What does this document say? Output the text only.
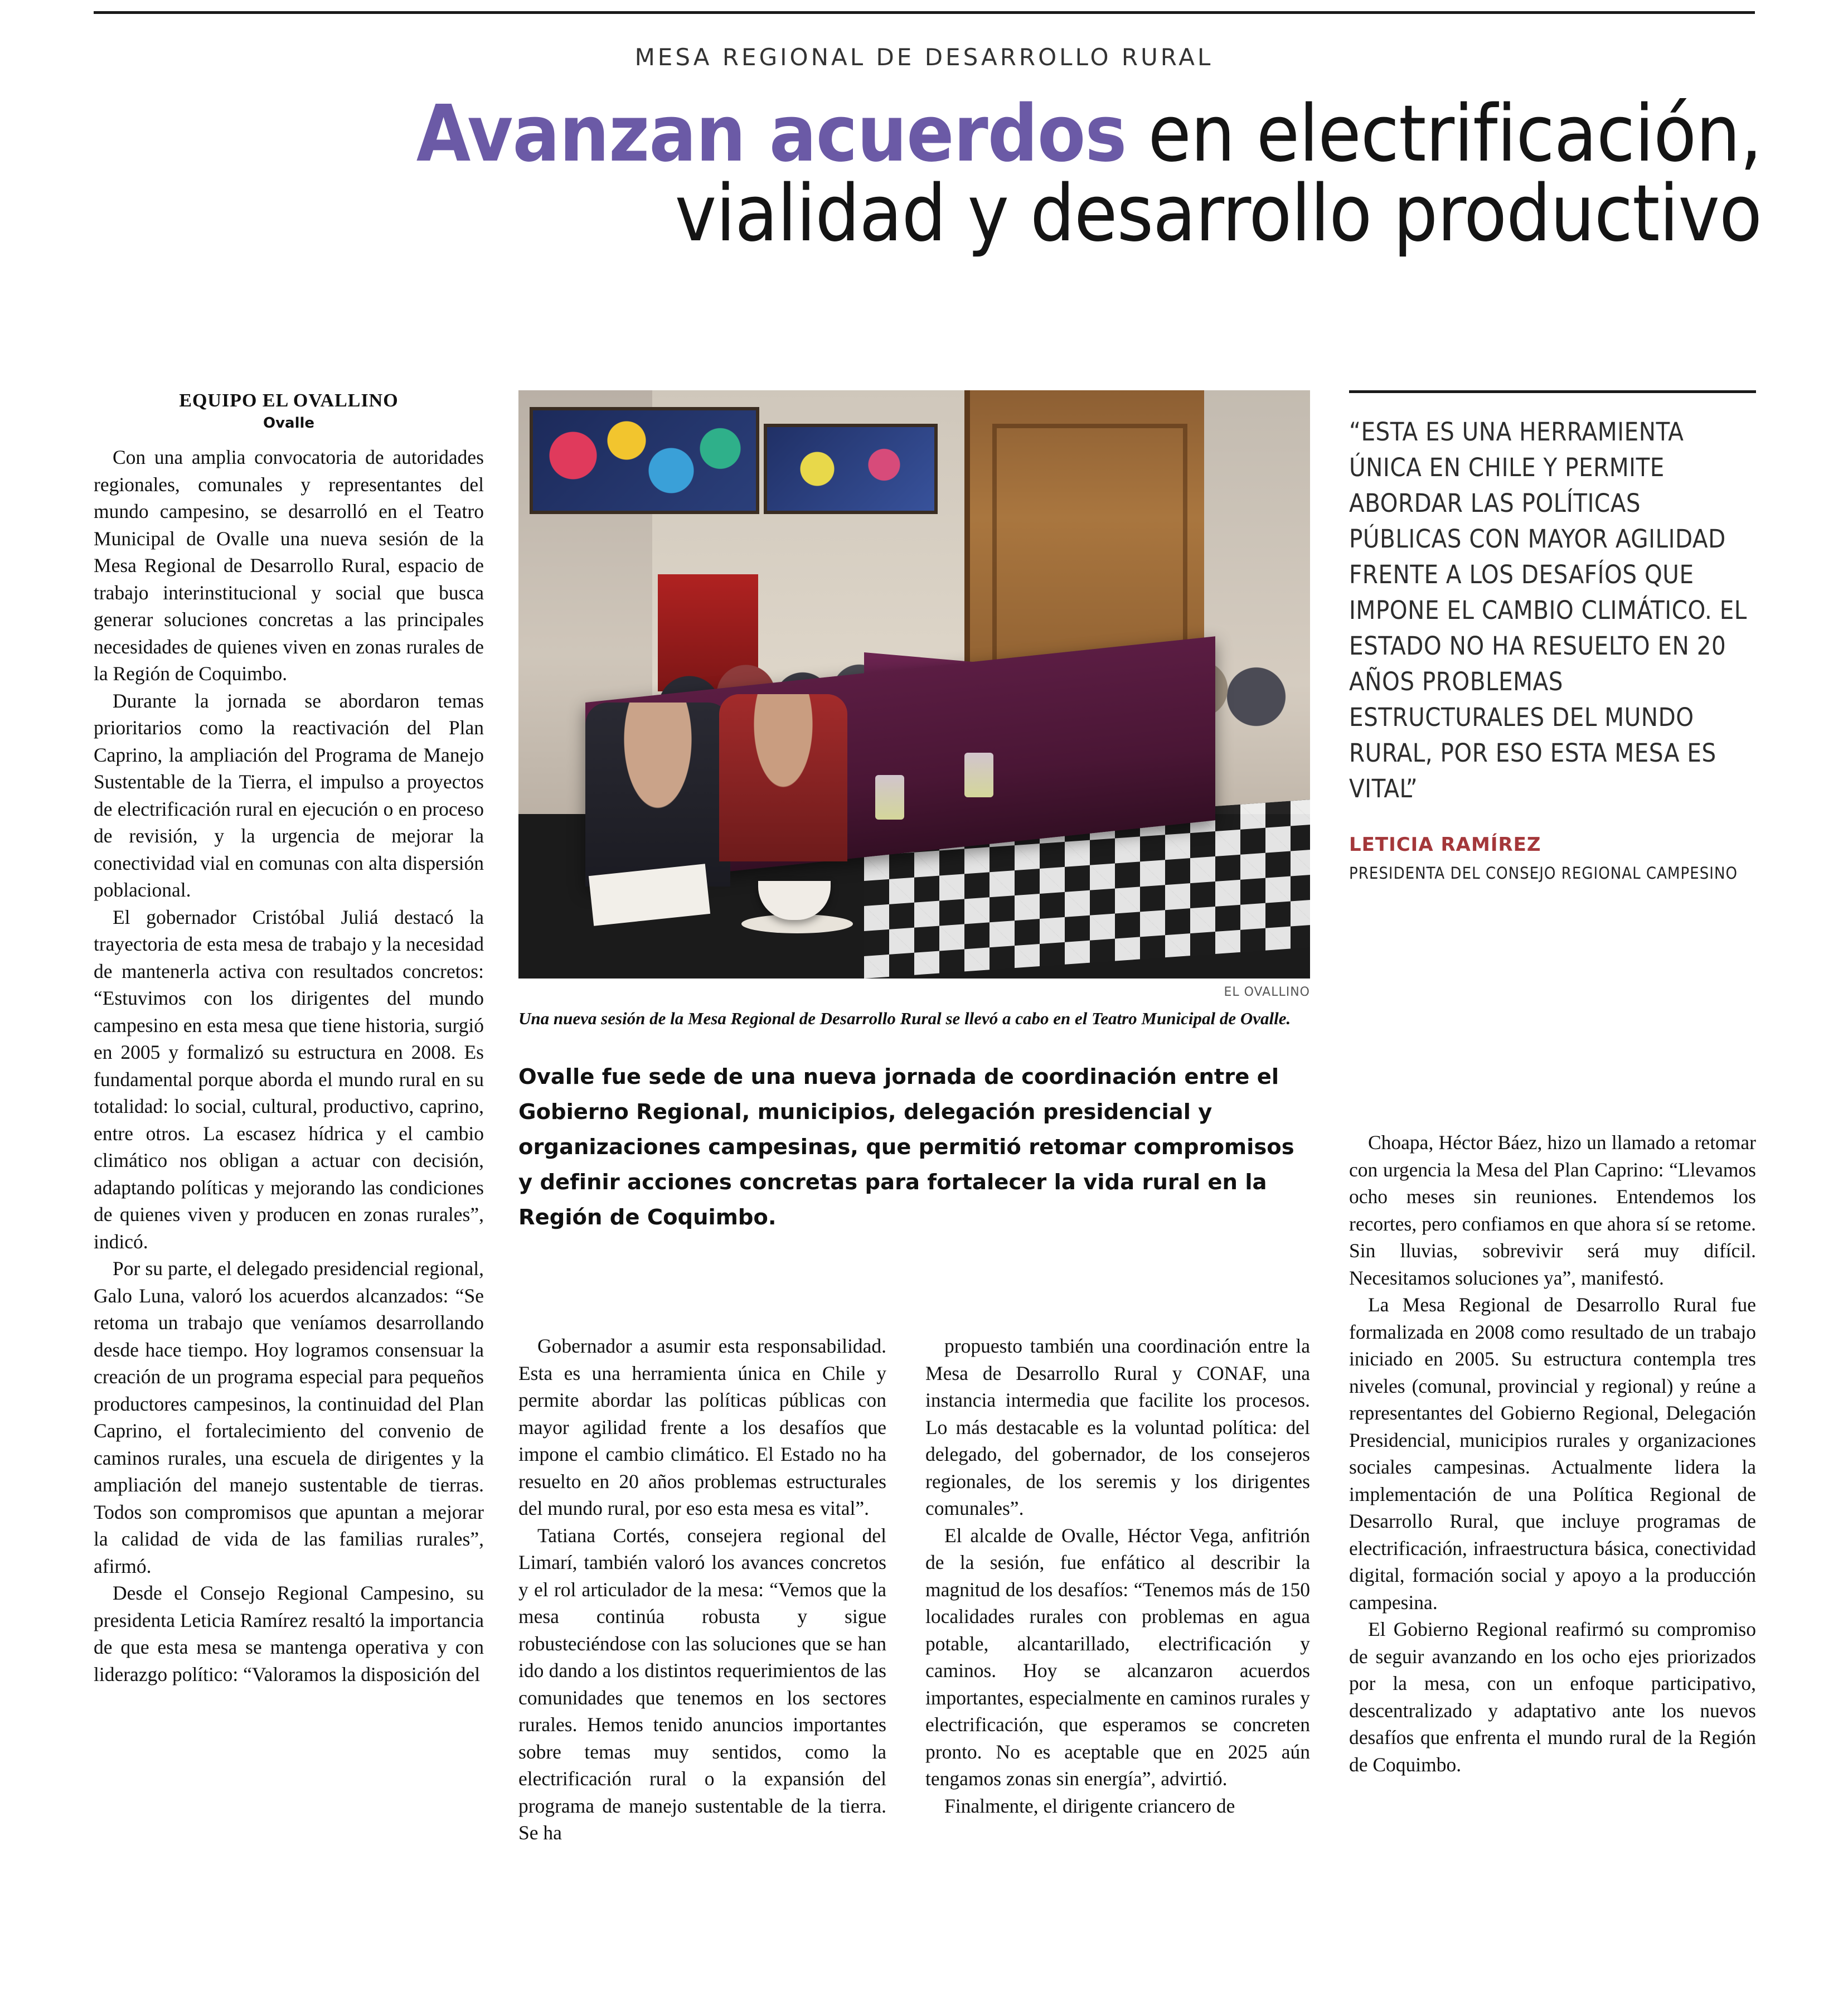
MESA REGIONAL DE DESARROLLO RURAL
Avanzan acuerdos en electrificación,
vialidad y desarrollo productivo
EQUIPO EL OVALLINO
Ovalle

Con una amplia convocatoria de autoridades regionales, comunales y representantes del mundo campesino, se desarrolló en el Teatro Municipal de Ovalle una nueva sesión de la Mesa Regional de Desarrollo Rural, espacio de trabajo interinstitucional y social que busca generar soluciones concretas a las principales necesidades de quienes viven en zonas rurales de la Región de Coquimbo.

Durante la jornada se abordaron temas prioritarios como la reactivación del Plan Caprino, la ampliación del Programa de Manejo Sustentable de la Tierra, el impulso a proyectos de electrificación rural en ejecución o en proceso de revisión, y la urgencia de mejorar la conectividad vial en comunas con alta dispersión poblacional.

El gobernador Cristóbal Juliá destacó la trayectoria de esta mesa de trabajo y la necesidad de mantenerla activa con resultados concretos: “Estuvimos con los dirigentes del mundo campesino en esta mesa que tiene historia, surgió en 2005 y formalizó su estructura en 2008. Es fundamental porque aborda el mundo rural en su totalidad: lo social, cultural, productivo, caprino, entre otros. La escasez hídrica y el cambio climático nos obligan a actuar con decisión, adaptando políticas y mejorando las condiciones de quienes viven y producen en zonas rurales”, indicó.

Por su parte, el delegado presidencial regional, Galo Luna, valoró los acuerdos alcanzados: “Se retoma un trabajo que veníamos desarrollando desde hace tiempo. Hoy logramos consensuar la creación de un programa especial para pequeños productores campesinos, la continuidad del Plan Caprino, el fortalecimiento del convenio de caminos rurales, una escuela de dirigentes y la ampliación del manejo sustentable de tierras. Todos son compromisos que apuntan a mejorar la calidad de vida de las familias rurales”, afirmó.

Desde el Consejo Regional Campesino, su presidenta Leticia Ramírez resaltó la importancia de que esta mesa se mantenga operativa y con liderazgo político: “Valoramos la disposición del

EL OVALLINO
Una nueva sesión de la Mesa Regional de Desarrollo Rural se llevó a cabo en el Teatro Municipal de Ovalle.
Ovalle fue sede de una nueva jornada de coordinación entre el Gobierno Regional, municipios, delegación presidencial y organizaciones campesinas, que permitió retomar compromisos y definir acciones concretas para fortalecer la vida rural en la Región de Coquimbo.

Gobernador a asumir esta responsabilidad. Esta es una herramienta única en Chile y permite abordar las políticas públicas con mayor agilidad frente a los desafíos que impone el cambio climático. El Estado no ha resuelto en 20 años problemas estructurales del mundo rural, por eso esta mesa es vital”.

Tatiana Cortés, consejera regional del Limarí, también valoró los avances concretos y el rol articulador de la mesa: “Vemos que la mesa continúa robusta y sigue robusteciéndose con las soluciones que se han ido dando a los distintos requerimientos de las comunidades que tenemos en los sectores rurales. Hemos tenido anuncios importantes sobre temas muy sentidos, como la electrificación rural o la expansión del programa de manejo sustentable de la tierra. Se ha

propuesto también una coordinación entre la Mesa de Desarrollo Rural y CONAF, una instancia intermedia que facilite los procesos. Lo más destacable es la voluntad política: del delegado, del gobernador, de los consejeros regionales, de los seremis y los dirigentes comunales”.

El alcalde de Ovalle, Héctor Vega, anfitrión de la sesión, fue enfático al describir la magnitud de los desafíos: “Tenemos más de 150 localidades rurales con problemas en agua potable, alcantarillado, electrificación y caminos. Hoy se alcanzaron acuerdos importantes, especialmente en caminos rurales y electrificación, que esperamos se concreten pronto. No es aceptable que en 2025 aún tengamos zonas sin energía”, advirtió.

Finalmente, el dirigente criancero de

“ESTA ES UNA HERRAMIENTA ÚNICA EN CHILE Y PERMITE ABORDAR LAS POLÍTICAS PÚBLICAS CON MAYOR AGILIDAD FRENTE A LOS DESAFÍOS QUE IMPONE EL CAMBIO CLIMÁTICO. EL ESTADO NO HA RESUELTO EN 20 AÑOS PROBLEMAS ESTRUCTURALES DEL MUNDO RURAL, POR ESO ESTA MESA ES VITAL”
LETICIA RAMÍREZ
PRESIDENTA DEL CONSEJO REGIONAL CAMPESINO

Choapa, Héctor Báez, hizo un llamado a retomar con urgencia la Mesa del Plan Caprino: “Llevamos ocho meses sin reuniones. Entendemos los recortes, pero confiamos en que ahora sí se retome. Sin lluvias, sobrevivir será muy difícil. Necesitamos soluciones ya”, manifestó.

La Mesa Regional de Desarrollo Rural fue formalizada en 2008 como resultado de un trabajo iniciado en 2005. Su estructura contempla tres niveles (comunal, provincial y regional) y reúne a representantes del Gobierno Regional, Delegación Presidencial, municipios rurales y organizaciones sociales campesinas. Actualmente lidera la implementación de una Política Regional de Desarrollo Rural, que incluye programas de electrificación, infraestructura básica, conectividad digital, formación social y apoyo a la producción campesina.

El Gobierno Regional reafirmó su compromiso de seguir avanzando en los ocho ejes priorizados por la mesa, con un enfoque participativo, descentralizado y adaptativo ante los nuevos desafíos que enfrenta el mundo rural de la Región de Coquimbo.
